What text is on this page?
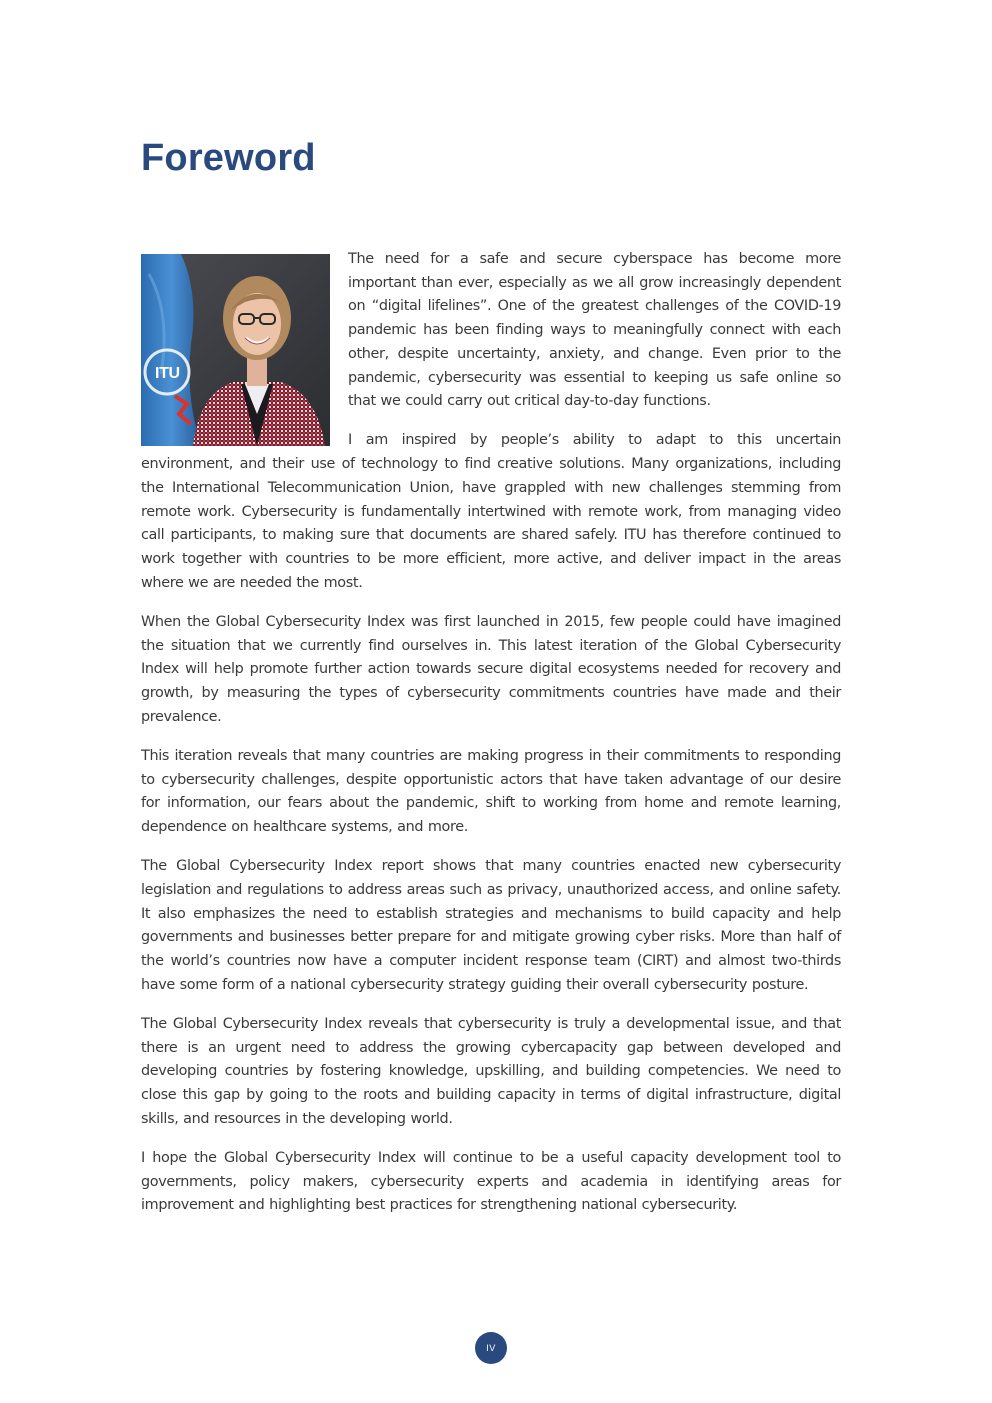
Foreword
ITU

The need for a safe and secure cyberspace has become more important than ever, especially as we all grow increasingly dependent on “digital lifelines”. One of the greatest challenges of the COVID-19 pandemic has been finding ways to meaningfully connect with each other, despite uncertainty, anxiety, and change. Even prior to the pandemic, cybersecurity was essential to keeping us safe online so that we could carry out critical day-to-day functions.

I am inspired by people’s ability to adapt to this uncertain environment, and their use of technology to find creative solutions. Many organizations, including the International Telecommunication Union, have grappled with new challenges stemming from remote work. Cybersecurity is fundamentally intertwined with remote work, from managing video call participants, to making sure that documents are shared safely. ITU has therefore continued to work together with countries to be more efficient, more active, and deliver impact in the areas where we are needed the most.

When the Global Cybersecurity Index was first launched in 2015, few people could have imagined the situation that we currently find ourselves in. This latest iteration of the Global Cybersecurity Index will help promote further action towards secure digital ecosystems needed for recovery and growth, by measuring the types of cybersecurity commitments countries have made and their prevalence.

This iteration reveals that many countries are making progress in their commitments to responding to cybersecurity challenges, despite opportunistic actors that have taken advantage of our desire for information, our fears about the pandemic, shift to working from home and remote learning, dependence on healthcare systems, and more.

The Global Cybersecurity Index report shows that many countries enacted new cybersecurity legislation and regulations to address areas such as privacy, unauthorized access, and online safety. It also emphasizes the need to establish strategies and mechanisms to build capacity and help governments and businesses better prepare for and mitigate growing cyber risks. More than half of the world’s countries now have a computer incident response team (CIRT) and almost two-thirds have some form of a national cybersecurity strategy guiding their overall cybersecurity posture.

The Global Cybersecurity Index reveals that cybersecurity is truly a developmental issue, and that there is an urgent need to address the growing cybercapacity gap between developed and developing countries by fostering knowledge, upskilling, and building competencies. We need to close this gap by going to the roots and building capacity in terms of digital infrastructure, digital skills, and resources in the developing world.

I hope the Global Cybersecurity Index will continue to be a useful capacity development tool to governments, policy makers, cybersecurity experts and academia in identifying areas for improvement and highlighting best practices for strengthening national cybersecurity.

IV
